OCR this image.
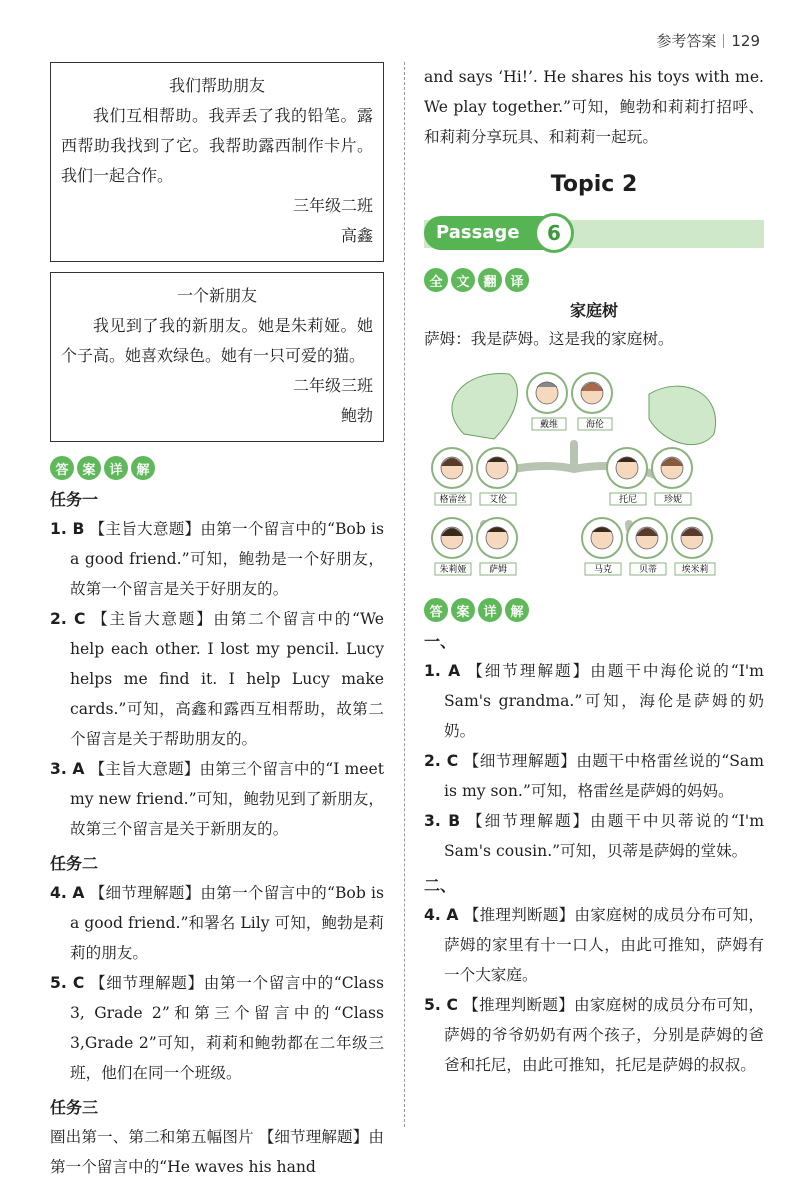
参考答案 129
我们帮助朋友

我们互相帮助。我弄丢了我的铅笔。露西帮助我找到了它。我帮助露西制作卡片。我们一起合作。

三年级二班
高鑫
一个新朋友

我见到了我的新朋友。她是朱莉娅。她个子高。她喜欢绿色。她有一只可爱的猫。

二年级三班
鲍勃
答	案	详	解
任务一
1. B 【主旨大意题】由第一个留言中的“Bob is a good friend.”可知，鲍勃是一个好朋友，故第一个留言是关于好朋友的。
2. C 【主旨大意题】由第二个留言中的“We help each other. I lost my pencil. Lucy helps me find it. I help Lucy make cards.”可知，高鑫和露西互相帮助，故第二个留言是关于帮助朋友的。
3. A 【主旨大意题】由第三个留言中的“I meet my new friend.”可知，鲍勃见到了新朋友，故第三个留言是关于新朋友的。
任务二
4. A 【细节理解题】由第一个留言中的“Bob is a good friend.”和署名 Lily 可知，鲍勃是莉莉的朋友。
5. C 【细节理解题】由第一个留言中的“Class 3, Grade 2”和第三个留言中的“Class 3,Grade 2”可知，莉莉和鲍勃都在二年级三班，他们在同一个班级。
任务三
圈出第一、第二和第五幅图片 【细节理解题】由第一个留言中的“He waves his hand
and says ‘Hi!’. He shares his toys with me. We play together.”可知，鲍勃和莉莉打招呼、和莉莉分享玩具、和莉莉一起玩。
Topic 2
Passage	6
全	文	翻	译
家庭树
萨姆：我是萨姆。这是我的家庭树。
戴维	海伦
格雷丝 艾伦	托尼	珍妮
朱莉娅 萨姆	马克	贝蒂	埃米莉
答	案	详	解
一、
1. A 【细节理解题】由题干中海伦说的“I'm Sam's grandma.”可知，海伦是萨姆的奶奶。
2. C 【细节理解题】由题干中格雷丝说的“Sam is my son.”可知，格雷丝是萨姆的妈妈。
3. B 【细节理解题】由题干中贝蒂说的“I'm Sam's cousin.”可知，贝蒂是萨姆的堂妹。
二、
4. A 【推理判断题】由家庭树的成员分布可知，萨姆的家里有十一口人，由此可推知，萨姆有一个大家庭。
5. C 【推理判断题】由家庭树的成员分布可知，萨姆的爷爷奶奶有两个孩子，分别是萨姆的爸爸和托尼，由此可推知，托尼是萨姆的叔叔。
